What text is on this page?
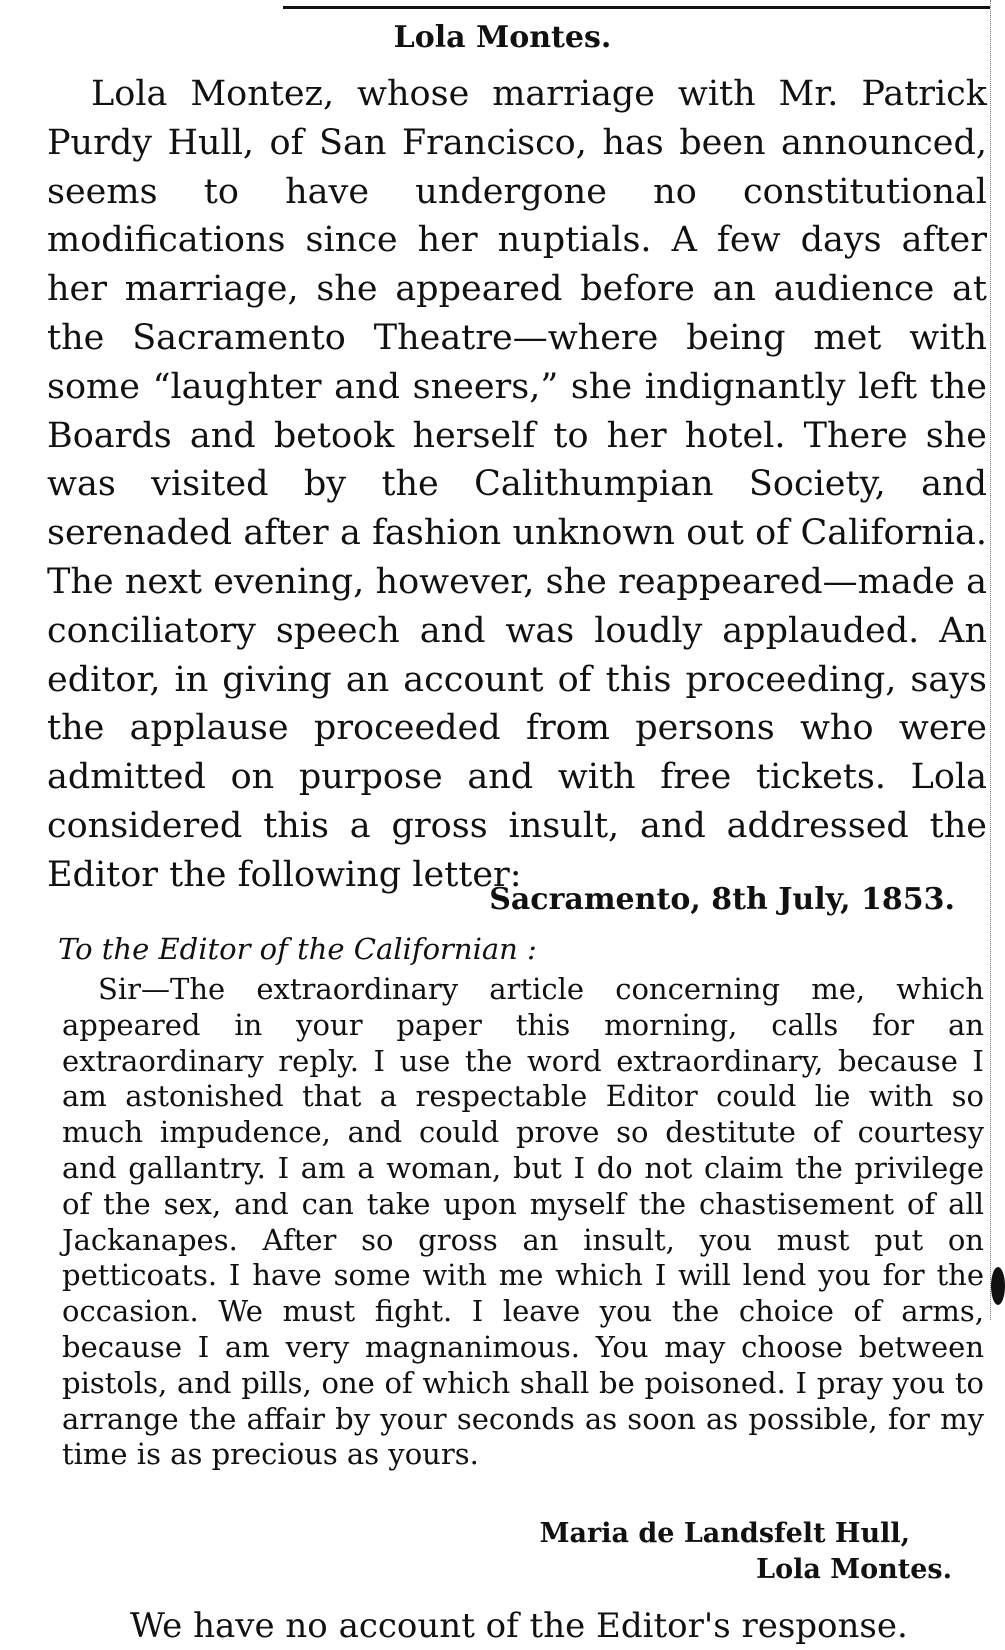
Lola Montes.
Lola Montez, whose marriage with Mr. Patrick Purdy Hull, of San Francisco, has been announced, seems to have undergone no constitutional modifications since her nuptials. A few days after her marriage, she appeared before an audience at the Sacramento Theatre—where being met with some “laughter and sneers,” she indignantly left the Boards and betook herself to her hotel. There she was visited by the Calithumpian Society, and serenaded after a fashion unknown out of California. The next evening, however, she reappeared—made a conciliatory speech and was loudly applauded. An editor, in giving an account of this proceeding, says the applause proceeded from persons who were admitted on purpose and with free tickets. Lola considered this a gross insult, and addressed the Editor the following letter:
Sacramento, 8th July, 1853.
To the Editor of the Californian :
Sir—The extraordinary article concerning me, which appeared in your paper this morning, calls for an extraordinary reply. I use the word extraordinary, because I am astonished that a respectable Editor could lie with so much impudence, and could prove so destitute of courtesy and gallantry. I am a woman, but I do not claim the privilege of the sex, and can take upon myself the chastisement of all Jackanapes. After so gross an insult, you must put on petticoats. I have some with me which I will lend you for the occasion. We must fight. I leave you the choice of arms, because I am very magnanimous. You may choose between pistols, and pills, one of which shall be poisoned. I pray you to arrange the affair by your seconds as soon as possible, for my time is as precious as yours.
Maria de Landsfelt Hull,
Lola Montes.
We have no account of the Editor's response.
